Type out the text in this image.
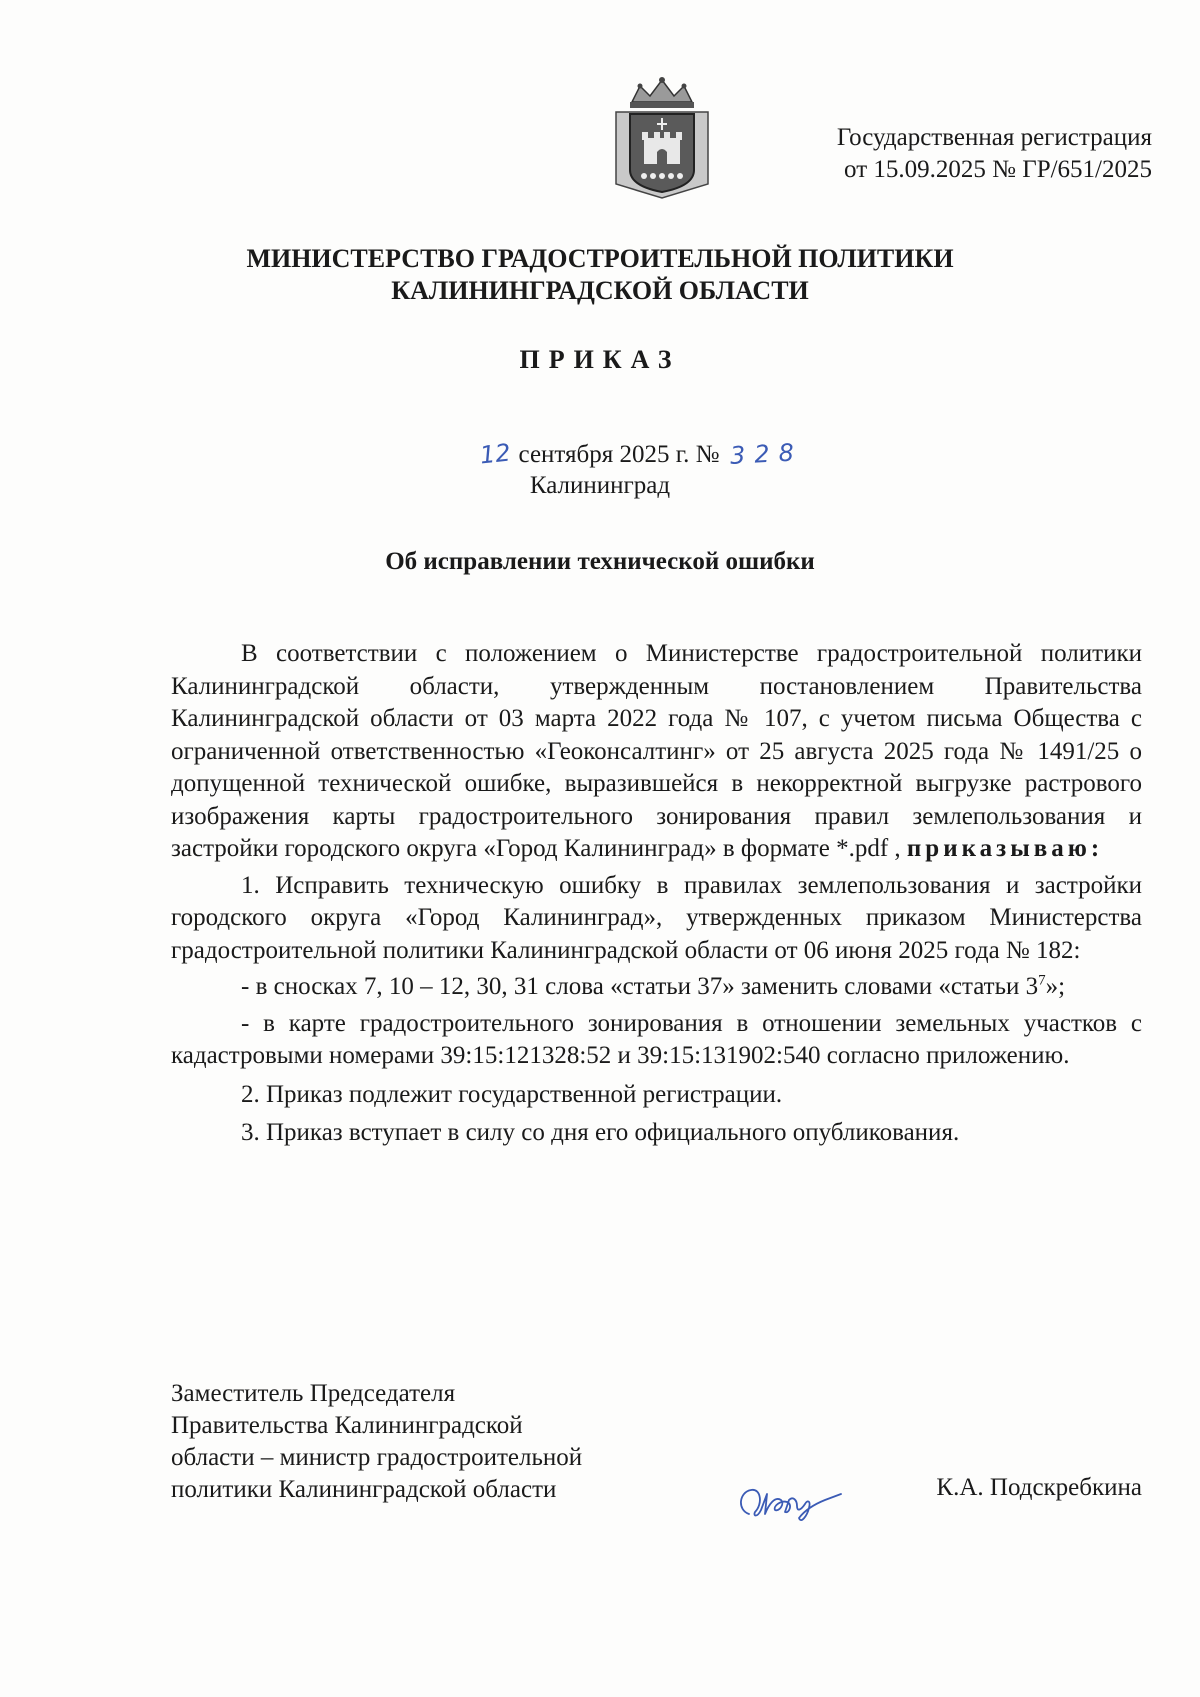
Государственная регистрация
от 15.09.2025 № ГР/651/2025
МИНИСТЕРСТВО ГРАДОСТРОИТЕЛЬНОЙ ПОЛИТИКИ
КАЛИНИНГРАДСКОЙ ОБЛАСТИ
ПРИКАЗ
12 сентября 2025 г. № 328
Калининград
Об исправлении технической ошибки

В соответствии с положением о Министерстве градостроительной политики Калининградской области, утвержденным постановлением Правительства Калининградской области от 03 марта 2022 года № 107, с учетом письма Общества с ограниченной ответственностью «Геоконсалтинг» от 25 августа 2025 года № 1491/25 о допущенной технической ошибке, выразившейся в некорректной выгрузке растрового изображения карты градостроительного зонирования правил землепользования и застройки городского округа «Город Калининград» в формате *.pdf , приказываю:

1. Исправить техническую ошибку в правилах землепользования и застройки городского округа «Город Калининград», утвержденных приказом Министерства градостроительной политики Калининградской области от 06 июня 2025 года № 182:

- в сносках 7, 10 – 12, 30, 31 слова «статьи 37» заменить словами «статьи $3^7$»;

- в карте градостроительного зонирования в отношении земельных участков с кадастровыми номерами 39:15:121328:52 и 39:15:131902:540 согласно приложению.

2. Приказ подлежит государственной регистрации.

3. Приказ вступает в силу со дня его официального опубликования.

Заместитель Председателя
Правительства Калининградской
области – министр градостроительной
политики Калининградской области	К.А. Подскребкина
